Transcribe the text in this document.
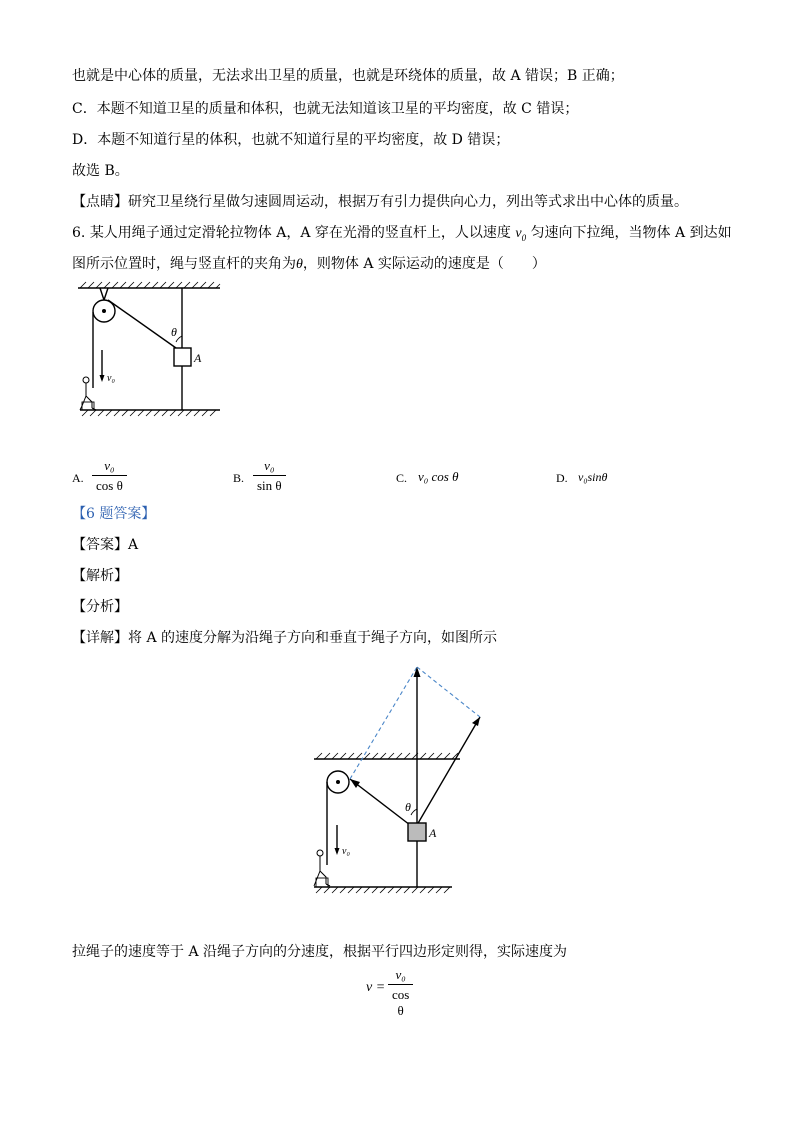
也就是中心体的质量，无法求出卫星的质量，也就是环绕体的质量，故 A 错误；B 正确；
C．本题不知道卫星的质量和体积，也就无法知道该卫星的平均密度，故 C 错误；
D．本题不知道行星的体积，也就不知道行星的平均密度，故 D 错误；
故选 B。
【点睛】研究卫星绕行星做匀速圆周运动，根据万有引力提供向心力，列出等式求出中心体的质量。
6. 某人用绳子通过定滑轮拉物体 A，A 穿在光滑的竖直杆上，人以速度 $v_0$ 匀速向下拉绳，当物体 A 到达如
图所示位置时，绳与竖直杆的夹角为θ，则物体 A 实际运动的速度是（　　）
θ
A
v₀
A.
v₀
cos θ	B.
v₀
sin θ	C. v₀ cos θ	D. v₀sinθ
【6 题答案】
【答案】A
【解析】
【分析】
【详解】将 A 的速度分解为沿绳子方向和垂直于绳子方向，如图所示
θ
A
v₀
拉绳子的速度等于 A 沿绳子方向的分速度，根据平行四边形定则得，实际速度为
v =
v₀
cos θ
